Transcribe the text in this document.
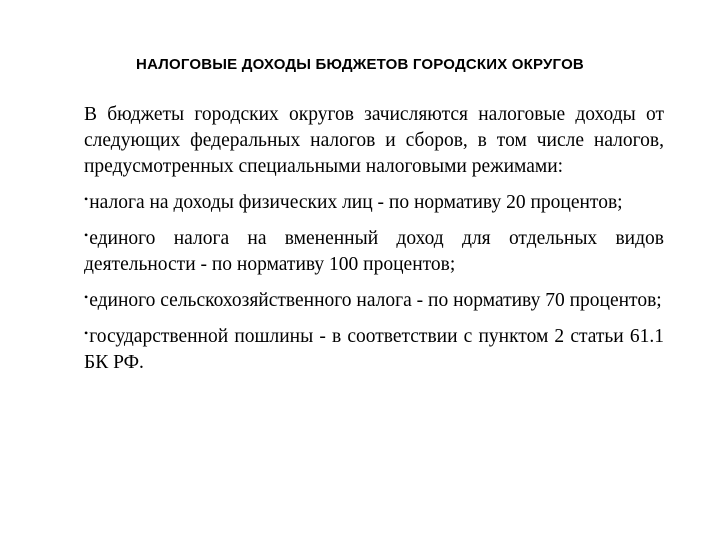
НАЛОГОВЫЕ ДОХОДЫ БЮДЖЕТОВ ГОРОДСКИХ ОКРУГОВ

В бюджеты городских округов зачисляются налоговые доходы от следующих федеральных налогов и сборов, в том числе налогов, предусмотренных специальными налоговыми режимами:

•налога на доходы физических лиц - по нормативу 20 процентов;
•единого налога на вмененный доход для отдельных видов деятельности - по нормативу 100 процентов;
•единого сельскохозяйственного налога - по нормативу 70 процентов;
•государственной пошлины - в соответствии с пунктом 2 статьи 61.1 БК РФ.
